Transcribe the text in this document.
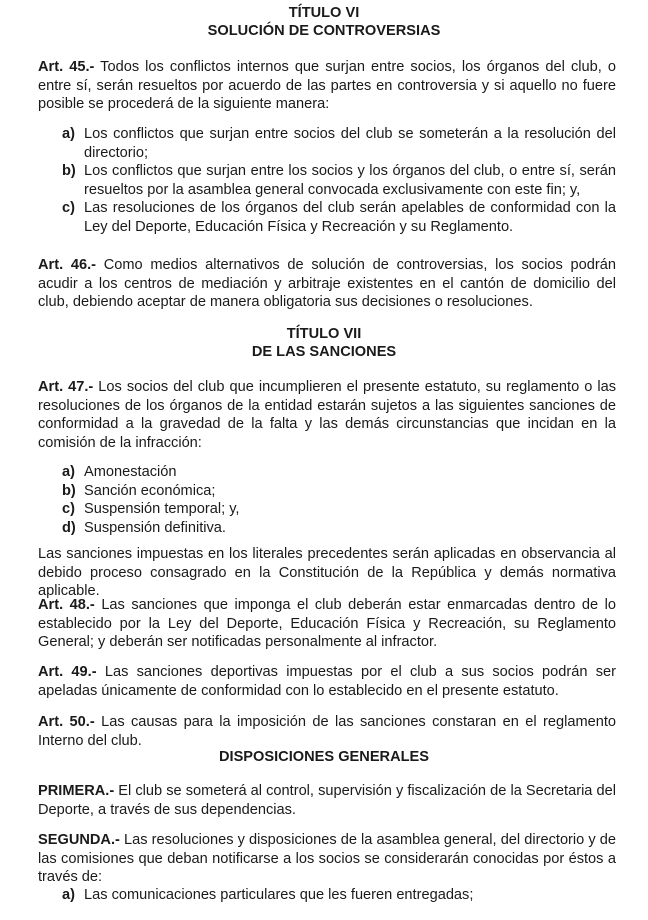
TÍTULO VI

SOLUCIÓN DE CONTROVERSIAS

Art. 45.- Todos los conflictos internos que surjan entre socios, los órganos del club, o entre sí, serán resueltos por acuerdo de las partes en controversia y si aquello no fuere posible se procederá de la siguiente manera:

a) Los conflictos que surjan entre socios del club se someterán a la resolución del directorio;
b) Los conflictos que surjan entre los socios y los órganos del club, o entre sí, serán resueltos por la asamblea general convocada exclusivamente con este fin; y,
c) Las resoluciones de los órganos del club serán apelables de conformidad con la Ley del Deporte, Educación Física y Recreación y su Reglamento.

Art. 46.- Como medios alternativos de solución de controversias, los socios podrán acudir a los centros de mediación y arbitraje existentes en el cantón de domicilio del club, debiendo aceptar de manera obligatoria sus decisiones o resoluciones.

TÍTULO VII

DE LAS SANCIONES

Art. 47.- Los socios del club que incumplieren el presente estatuto, su reglamento o las resoluciones de los órganos de la entidad estarán sujetos a las siguientes sanciones de conformidad a la gravedad de la falta y las demás circunstancias que incidan en la comisión de la infracción:

a) Amonestación
b) Sanción económica;
c) Suspensión temporal; y,
d) Suspensión definitiva.

Las sanciones impuestas en los literales precedentes serán aplicadas en observancia al debido proceso consagrado en la Constitución de la República y demás normativa aplicable.

Art. 48.- Las sanciones que imponga el club deberán estar enmarcadas dentro de lo establecido por la Ley del Deporte, Educación Física y Recreación, su Reglamento General; y deberán ser notificadas personalmente al infractor.

Art. 49.- Las sanciones deportivas impuestas por el club a sus socios podrán ser apeladas únicamente de conformidad con lo establecido en el presente estatuto.

Art. 50.- Las causas para la imposición de las sanciones constaran en el reglamento Interno del club.

DISPOSICIONES GENERALES

PRIMERA.- El club se someterá al control, supervisión y fiscalización de la Secretaria del Deporte, a través de sus dependencias.

SEGUNDA.- Las resoluciones y disposiciones de la asamblea general, del directorio y de las comisiones que deban notificarse a los socios se considerarán conocidas por éstos a través de:

a) Las comunicaciones particulares que les fueren entregadas;
